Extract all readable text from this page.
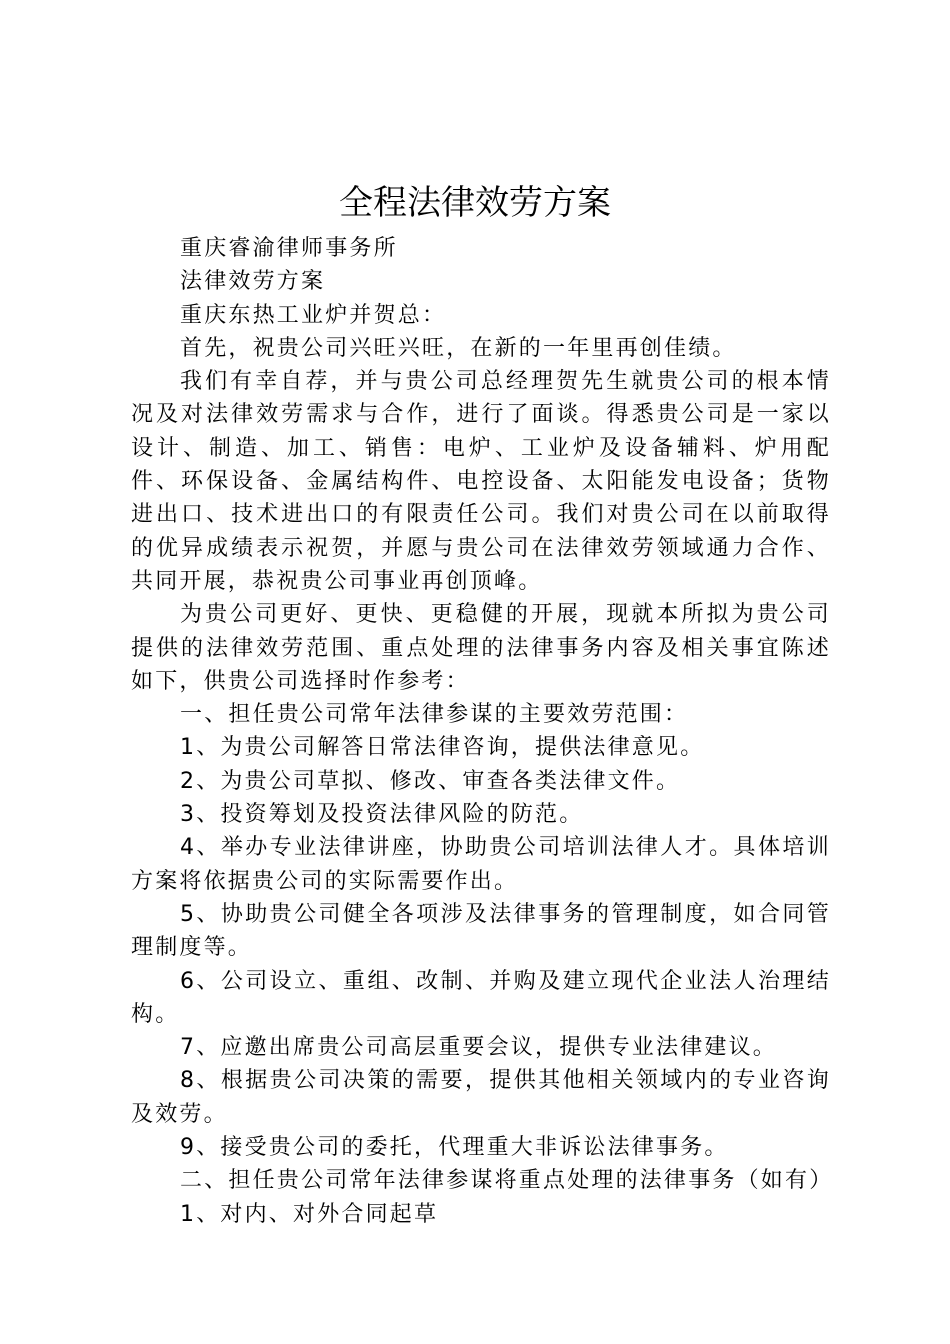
全程法律效劳方案

重庆睿渝律师事务所

法律效劳方案

重庆东热工业炉并贺总：

首先，祝贵公司兴旺兴旺，在新的一年里再创佳绩。

我们有幸自荐，并与贵公司总经理贺先生就贵公司的根本情况及对法律效劳需求与合作，进行了面谈。得悉贵公司是一家以设计、制造、加工、销售：电炉、工业炉及设备辅料、炉用配件、环保设备、金属结构件、电控设备、太阳能发电设备；货物进出口、技术进出口的有限责任公司。我们对贵公司在以前取得的优异成绩表示祝贺，并愿与贵公司在法律效劳领域通力合作、共同开展，恭祝贵公司事业再创顶峰。

为贵公司更好、更快、更稳健的开展，现就本所拟为贵公司提供的法律效劳范围、重点处理的法律事务内容及相关事宜陈述如下，供贵公司选择时作参考：

一、担任贵公司常年法律参谋的主要效劳范围：

1、为贵公司解答日常法律咨询，提供法律意见。

2、为贵公司草拟、修改、审查各类法律文件。

3、投资筹划及投资法律风险的防范。

4、举办专业法律讲座，协助贵公司培训法律人才。具体培训方案将依据贵公司的实际需要作出。

5、协助贵公司健全各项涉及法律事务的管理制度，如合同管理制度等。

6、公司设立、重组、改制、并购及建立现代企业法人治理结构。

7、应邀出席贵公司高层重要会议，提供专业法律建议。

8、根据贵公司决策的需要，提供其他相关领域内的专业咨询及效劳。

9、接受贵公司的委托，代理重大非诉讼法律事务。

二、担任贵公司常年法律参谋将重点处理的法律事务（如有）

1、对内、对外合同起草
